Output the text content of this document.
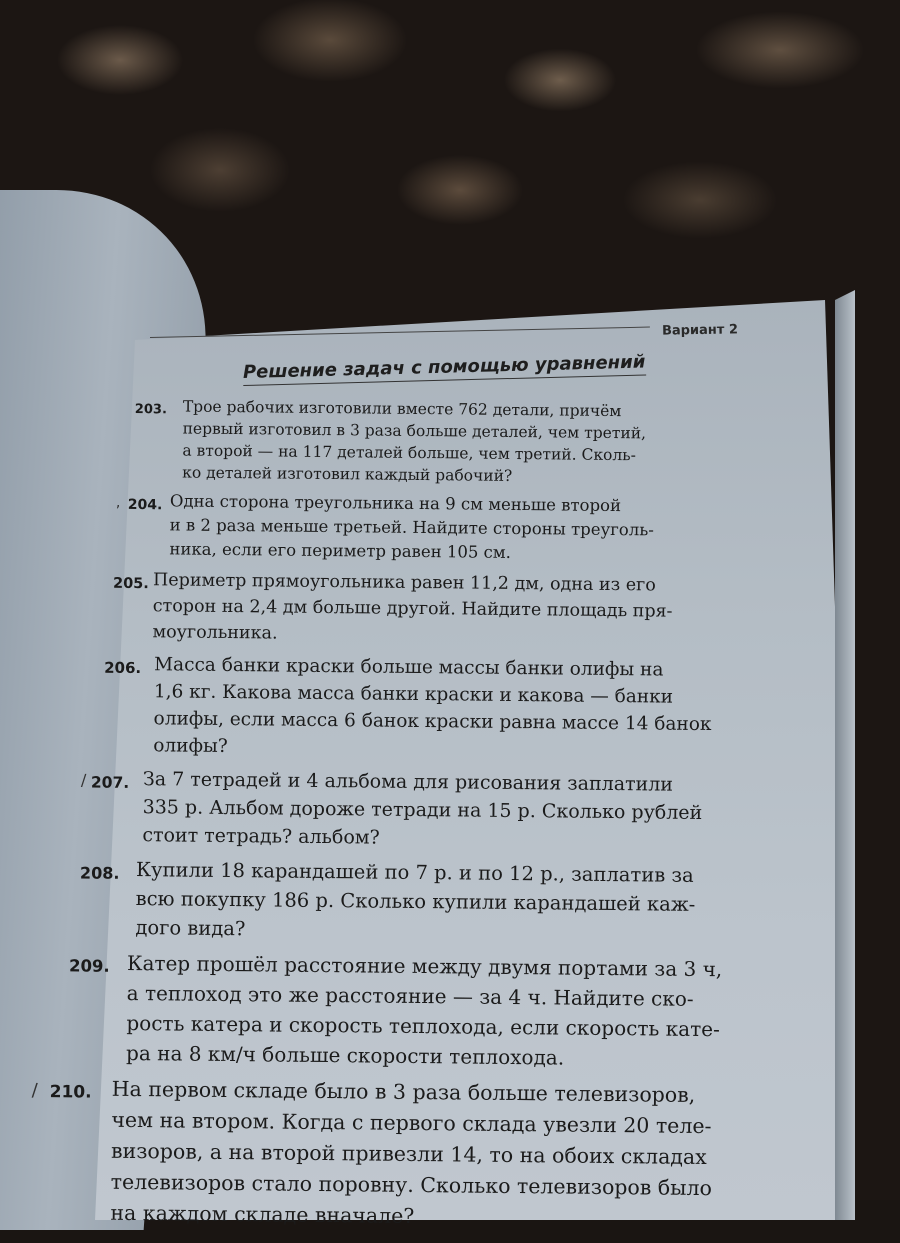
Вариант 2
Решение задач с помощью уравнений
203. Трое рабочих изготовили вместе 762 детали, причём
первый изготовил в 3 раза больше деталей, чем третий,
а второй — на 117 деталей больше, чем третий. Сколь-
ко деталей изготовил каждый рабочий?
, 204. Одна сторона треугольника на 9 см меньше второй
и в 2 раза меньше третьей. Найдите стороны треуголь-
ника, если его периметр равен 105 см.
205. Периметр прямоугольника равен 11,2 дм, одна из его
сторон на 2,4 дм больше другой. Найдите площадь пря-
моугольника.
206. Масса банки краски больше массы банки олифы на
1,6 кг. Какова масса банки краски и какова — банки
олифы, если масса 6 банок краски равна массе 14 банок
олифы?
/ 207. За 7 тетрадей и 4 альбома для рисования заплатили
335 р. Альбом дороже тетради на 15 р. Сколько рублей
стоит тетрадь? альбом?
208. Купили 18 карандашей по 7 р. и по 12 р., заплатив за
всю покупку 186 р. Сколько купили карандашей каж-
дого вида?
209. Катер прошёл расстояние между двумя портами за 3 ч,
а теплоход это же расстояние — за 4 ч. Найдите ско-
рость катера и скорость теплохода, если скорость кате-
ра на 8 км/ч больше скорости теплохода.
/ 210. На первом складе было в 3 раза больше телевизоров,
чем на втором. Когда с первого склада увезли 20 теле-
визоров, а на второй привезли 14, то на обоих складах
телевизоров стало поровну. Сколько телевизоров было
на каждом складе вначале?
